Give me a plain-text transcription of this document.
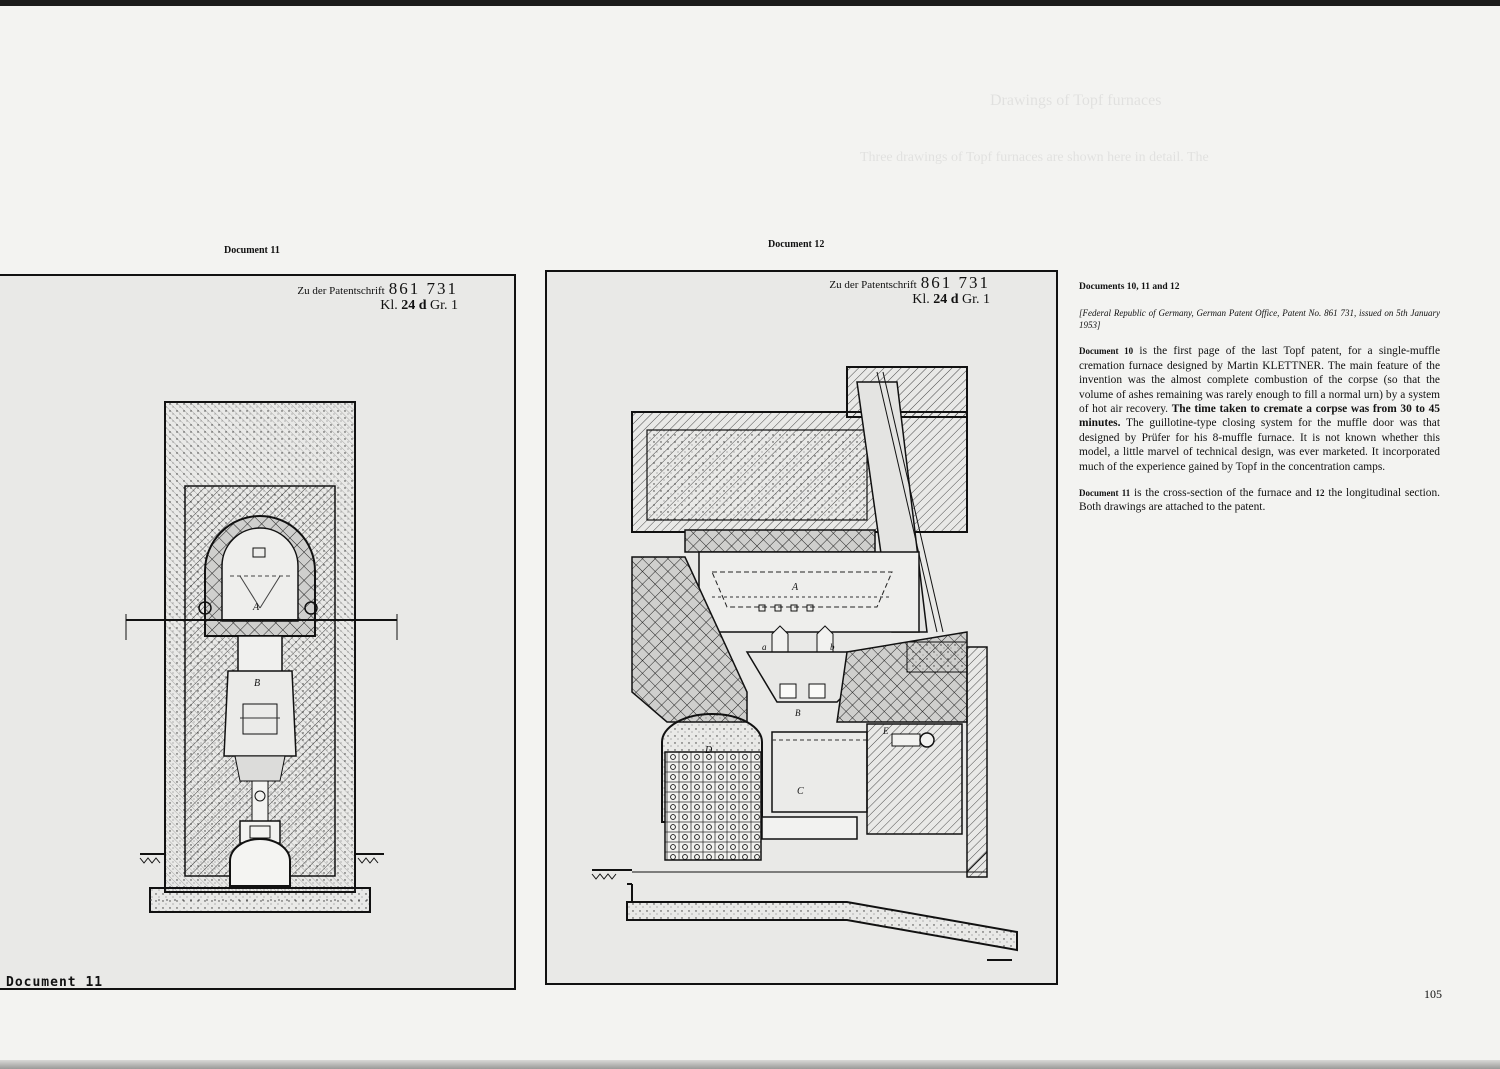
Drawings of Topf furnaces
Three drawings of Topf furnaces are shown here in detail. The
Document 11
Document 12
Zu der Patentschrift 861 731
Kl. 24 d Gr. 1
A
B
Document 11
Zu der Patentschrift 861 731
Kl. 24 d Gr. 1
A
a	b
B
D
C
E

Documents 10, 11 and 12

[Federal Republic of Germany, German Patent Office, Patent No. 861 731, issued on 5th January 1953]

Document 10 is the first page of the last Topf patent, for a single-muffle cremation furnace designed by Martin KLETTNER. The main feature of the invention was the almost complete combustion of the corpse (so that the volume of ashes remaining was rarely enough to fill a normal urn) by a system of hot air recovery. The time taken to cremate a corpse was from 30 to 45 minutes. The guillotine-type closing system for the muffle door was that designed by Prüfer for his 8-muffle furnace. It is not known whether this model, a little marvel of technical design, was ever marketed. It incorporated much of the experience gained by Topf in the concentration camps.

Document 11 is the cross-section of the furnace and 12 the longitudinal section. Both drawings are attached to the patent.

105
